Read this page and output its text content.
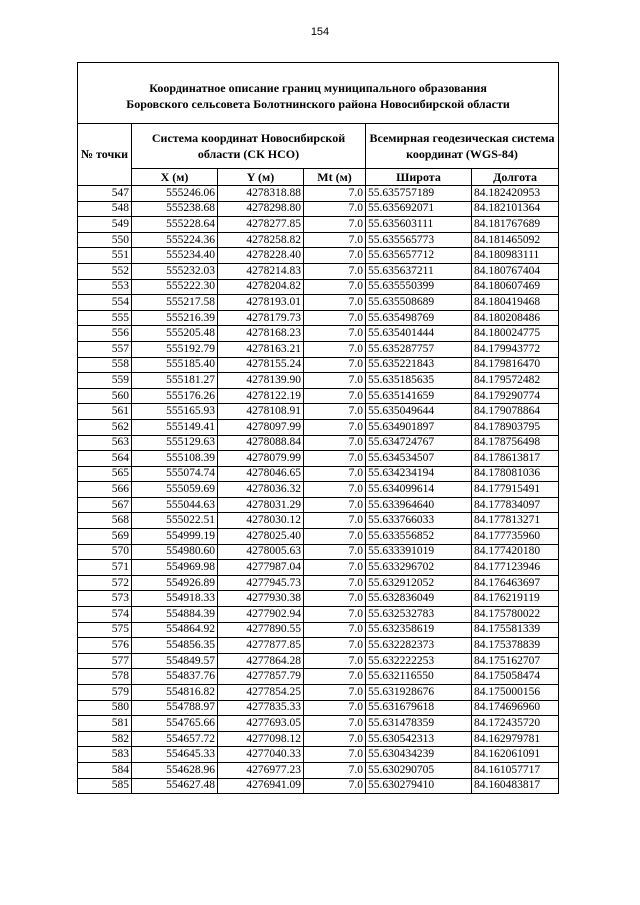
154
Координатное описание границ муниципального образования
Боровского сельсовета Болотнинского района Новосибирской области					

№ точки	Система координат Новосибирской области (СК НСО)			Всемирная геодезическая система координат (WGS-84)	
	X (м)	Y (м)	Mt (м)	Широта	Долгота
547	555246.06	4278318.88	7.0	55.635757189	84.182420953
548	555238.68	4278298.80	7.0	55.635692071	84.182101364
549	555228.64	4278277.85	7.0	55.635603111	84.181767689
550	555224.36	4278258.82	7.0	55.635565773	84.181465092
551	555234.40	4278228.40	7.0	55.635657712	84.180983111
552	555232.03	4278214.83	7.0	55.635637211	84.180767404
553	555222.30	4278204.82	7.0	55.635550399	84.180607469
554	555217.58	4278193.01	7.0	55.635508689	84.180419468
555	555216.39	4278179.73	7.0	55.635498769	84.180208486
556	555205.48	4278168.23	7.0	55.635401444	84.180024775
557	555192.79	4278163.21	7.0	55.635287757	84.179943772
558	555185.40	4278155.24	7.0	55.635221843	84.179816470
559	555181.27	4278139.90	7.0	55.635185635	84.179572482
560	555176.26	4278122.19	7.0	55.635141659	84.179290774
561	555165.93	4278108.91	7.0	55.635049644	84.179078864
562	555149.41	4278097.99	7.0	55.634901897	84.178903795
563	555129.63	4278088.84	7.0	55.634724767	84.178756498
564	555108.39	4278079.99	7.0	55.634534507	84.178613817
565	555074.74	4278046.65	7.0	55.634234194	84.178081036
566	555059.69	4278036.32	7.0	55.634099614	84.177915491
567	555044.63	4278031.29	7.0	55.633964640	84.177834097
568	555022.51	4278030.12	7.0	55.633766033	84.177813271
569	554999.19	4278025.40	7.0	55.633556852	84.177735960
570	554980.60	4278005.63	7.0	55.633391019	84.177420180
571	554969.98	4277987.04	7.0	55.633296702	84.177123946
572	554926.89	4277945.73	7.0	55.632912052	84.176463697
573	554918.33	4277930.38	7.0	55.632836049	84.176219119
574	554884.39	4277902.94	7.0	55.632532783	84.175780022
575	554864.92	4277890.55	7.0	55.632358619	84.175581339
576	554856.35	4277877.85	7.0	55.632282373	84.175378839
577	554849.57	4277864.28	7.0	55.632222253	84.175162707
578	554837.76	4277857.79	7.0	55.632116550	84.175058474
579	554816.82	4277854.25	7.0	55.631928676	84.175000156
580	554788.97	4277835.33	7.0	55.631679618	84.174696960
581	554765.66	4277693.05	7.0	55.631478359	84.172435720
582	554657.72	4277098.12	7.0	55.630542313	84.162979781
583	554645.33	4277040.33	7.0	55.630434239	84.162061091
584	554628.96	4276977.23	7.0	55.630290705	84.161057717
585	554627.48	4276941.09	7.0	55.630279410	84.160483817
